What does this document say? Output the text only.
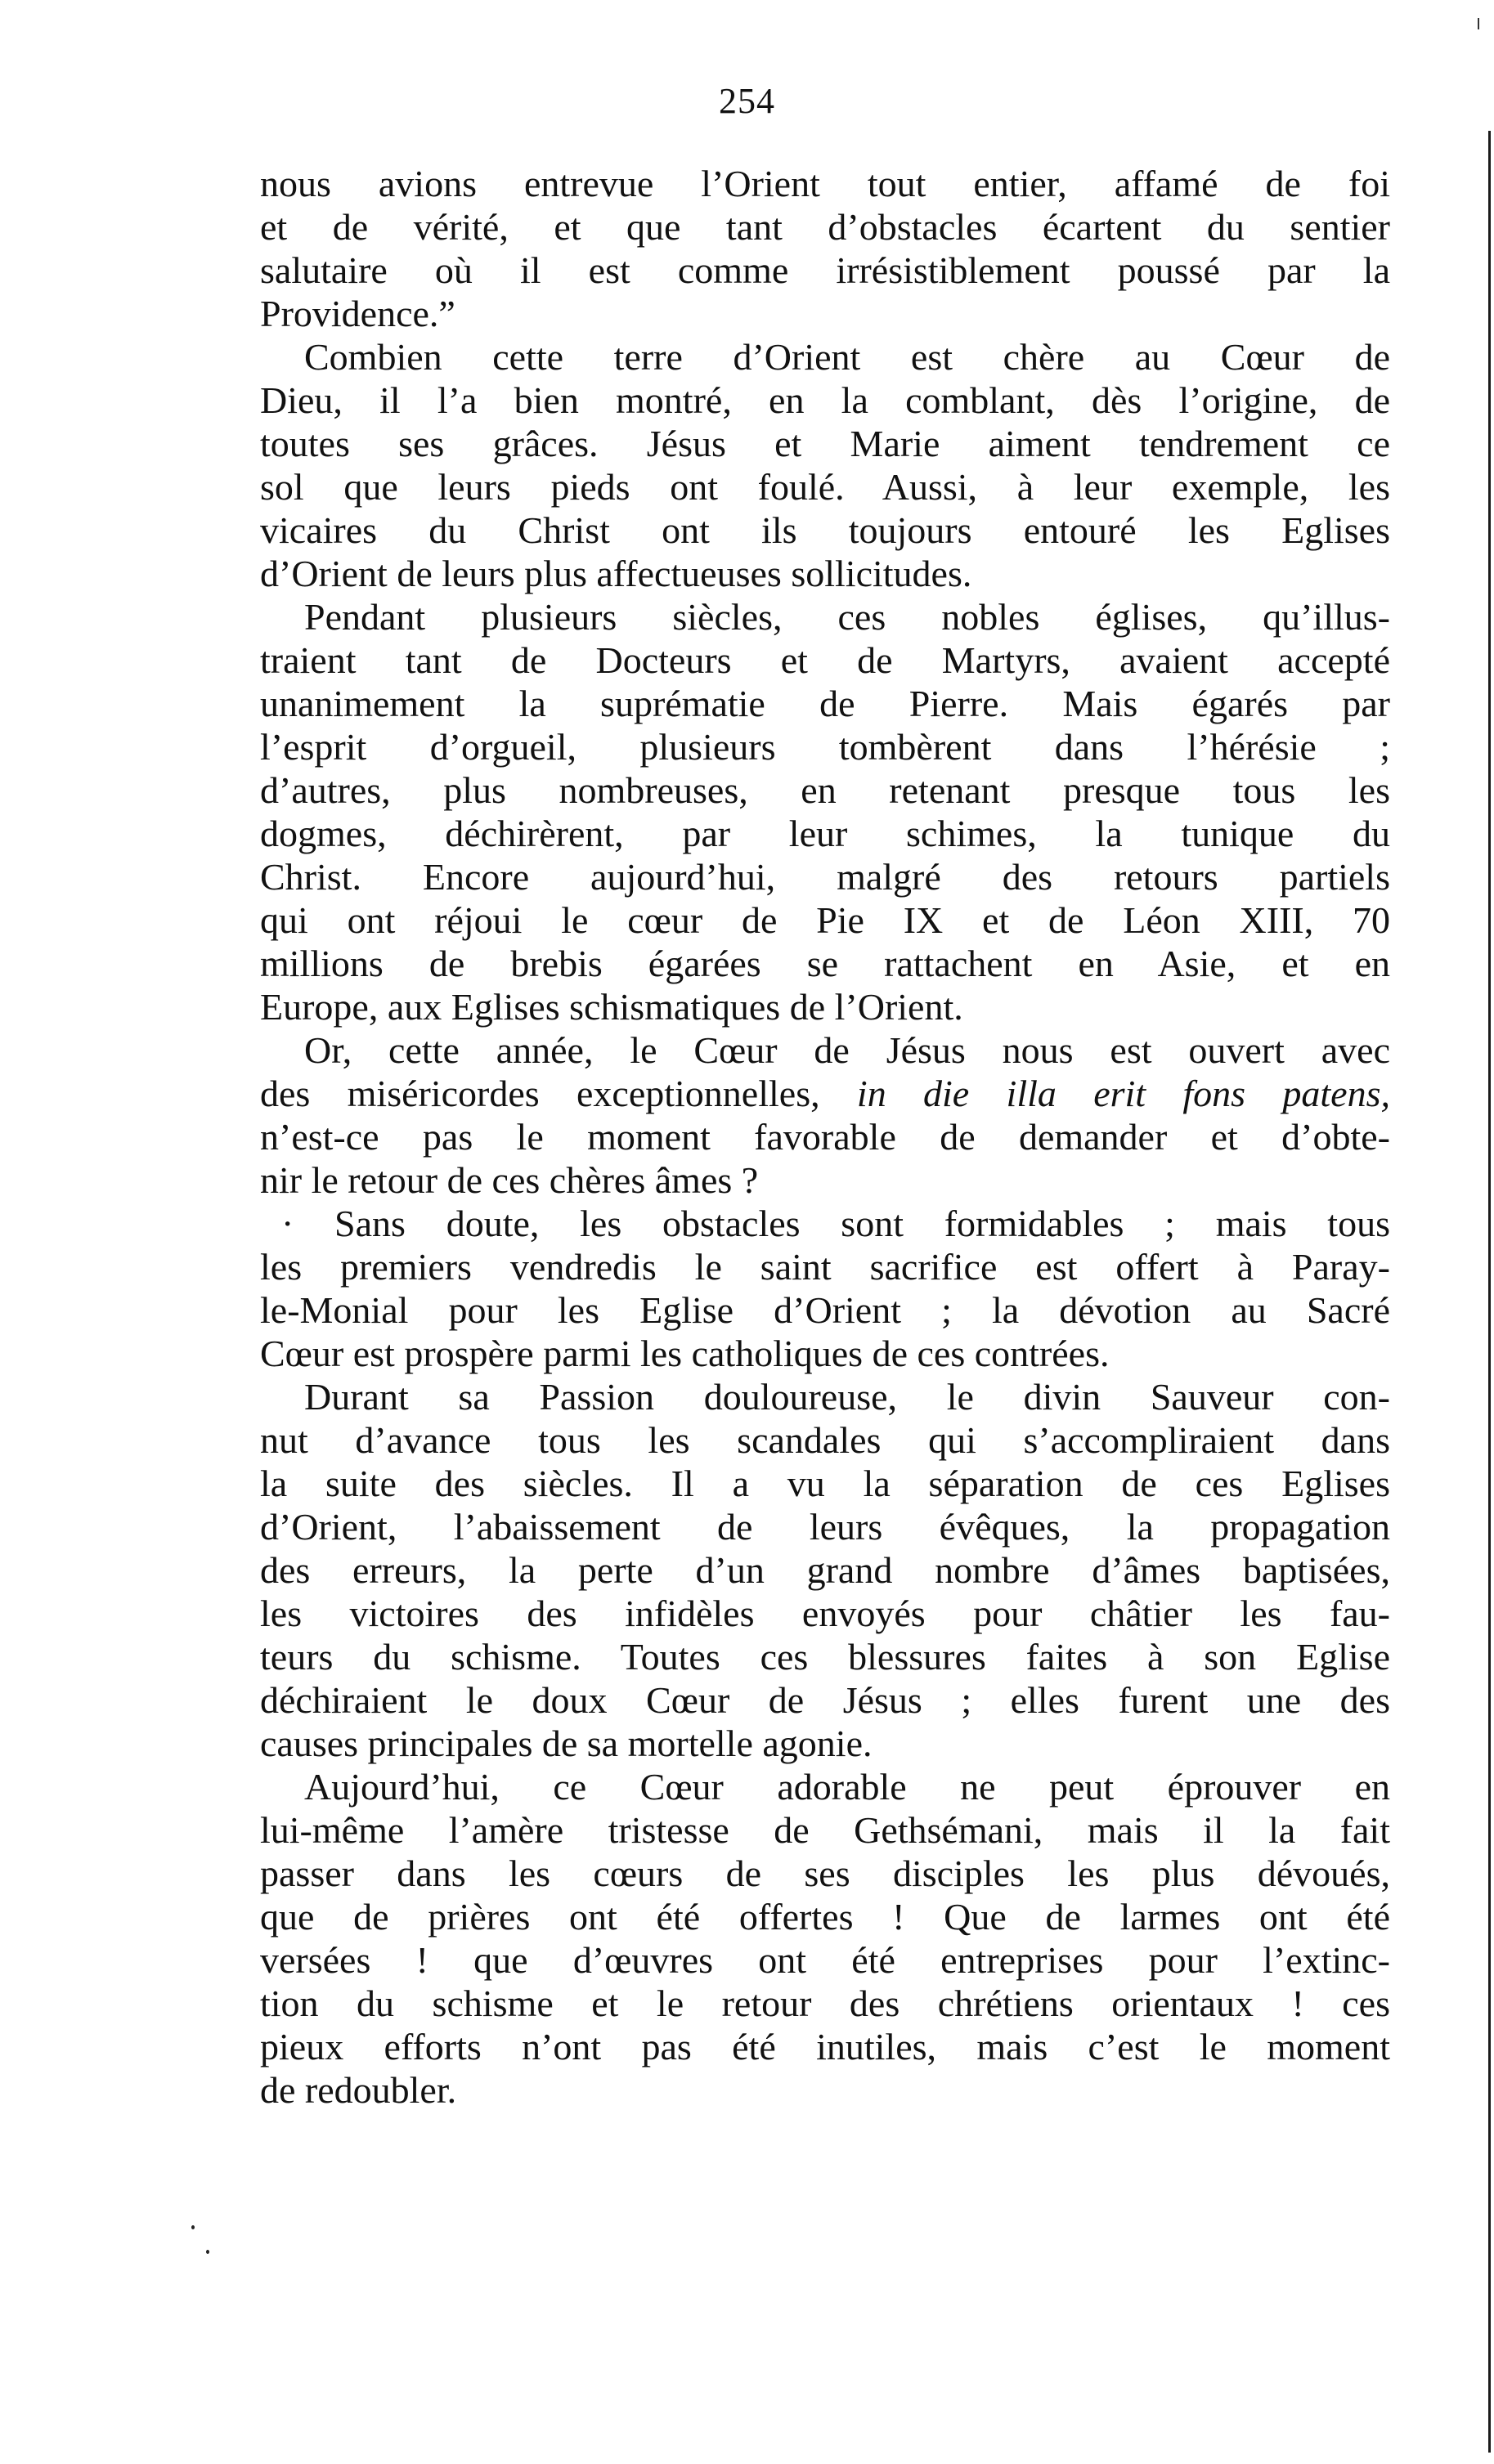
254
nous avions entrevue l’Orient tout entier, affamé de foi
et de vérité, et que tant d’obstacles écartent du sentier
salutaire où il est comme irrésistiblement poussé par la
Providence.”
Combien cette terre d’Orient est chère au Cœur de
Dieu, il l’a bien montré, en la comblant, dès l’origine, de
toutes ses grâces. Jésus et Marie aiment tendrement ce
sol que leurs pieds ont foulé. Aussi, à leur exemple, les
vicaires du Christ ont ils toujours entouré les Eglises
d’Orient de leurs plus affectueuses sollicitudes.
Pendant plusieurs siècles, ces nobles églises, qu’illus-
traient tant de Docteurs et de Martyrs, avaient accepté
unanimement la suprématie de Pierre. Mais égarés par
l’esprit d’orgueil, plusieurs tombèrent dans l’hérésie ;
d’autres, plus nombreuses, en retenant presque tous les
dogmes, déchirèrent, par leur schimes, la tunique du
Christ. Encore aujourd’hui, malgré des retours partiels
qui ont réjoui le cœur de Pie IX et de Léon XIII, 70
millions de brebis égarées se rattachent en Asie, et en
Europe, aux Eglises schismatiques de l’Orient.
Or, cette année, le Cœur de Jésus nous est ouvert avec
des miséricordes exceptionnelles, in die illa erit fons patens,
n’est-ce pas le moment favorable de demander et d’obte-
nir le retour de ces chères âmes ?
· Sans doute, les obstacles sont formidables ; mais tous
les premiers vendredis le saint sacrifice est offert à Paray-
le-Monial pour les Eglise d’Orient ; la dévotion au Sacré
Cœur est prospère parmi les catholiques de ces contrées.
Durant sa Passion douloureuse, le divin Sauveur con-
nut d’avance tous les scandales qui s’accompliraient dans
la suite des siècles. Il a vu la séparation de ces Eglises
d’Orient, l’abaissement de leurs évêques, la propagation
des erreurs, la perte d’un grand nombre d’âmes baptisées,
les victoires des infidèles envoyés pour châtier les fau-
teurs du schisme. Toutes ces blessures faites à son Eglise
déchiraient le doux Cœur de Jésus ; elles furent une des
causes principales de sa mortelle agonie.
Aujourd’hui, ce Cœur adorable ne peut éprouver en
lui-même l’amère tristesse de Gethsémani, mais il la fait
passer dans les cœurs de ses disciples les plus dévoués,
que de prières ont été offertes ! Que de larmes ont été
versées ! que d’œuvres ont été entreprises pour l’extinc-
tion du schisme et le retour des chrétiens orientaux ! ces
pieux efforts n’ont pas été inutiles, mais c’est le moment
de redoubler.
